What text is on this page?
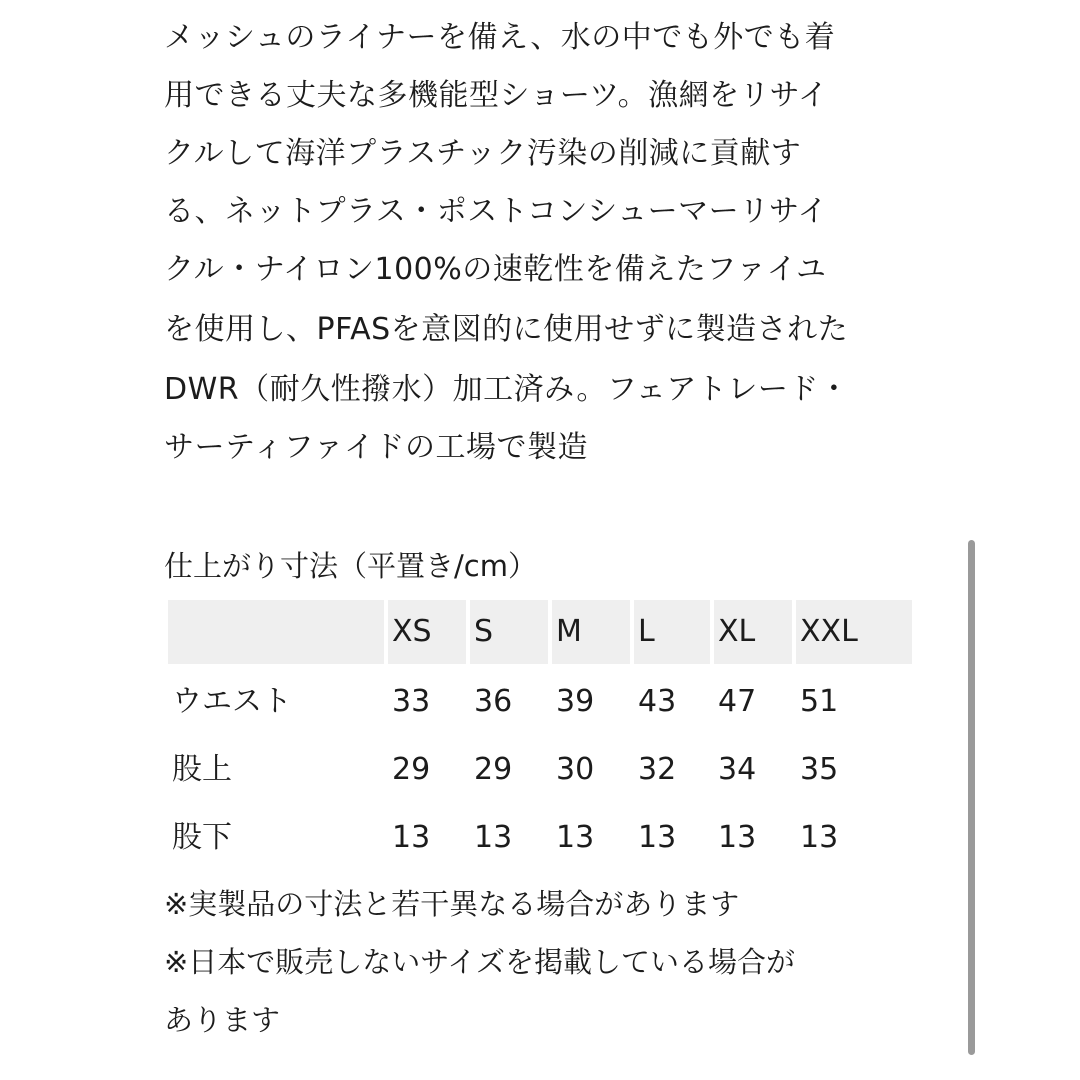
メッシュのライナーを備え、水の中でも外でも着
用できる丈夫な多機能型ショーツ。漁網をリサイ
クルして海洋プラスチック汚染の削減に貢献す
る、ネットプラス・ポストコンシューマーリサイ
クル・ナイロン100%の速乾性を備えたファイユ
を使用し、PFASを意図的に使用せずに製造された
DWR（耐久性撥水）加工済み。フェアトレード・
サーティファイドの工場で製造
仕上がり寸法（平置き/cm）
XS S M L XL XXL
ウエスト	33 36 39 43 47 51
股上	29 29 30 32 34 35
股下	13 13 13 13 13 13
※実製品の寸法と若干異なる場合があります
※日本で販売しないサイズを掲載している場合が
あります
